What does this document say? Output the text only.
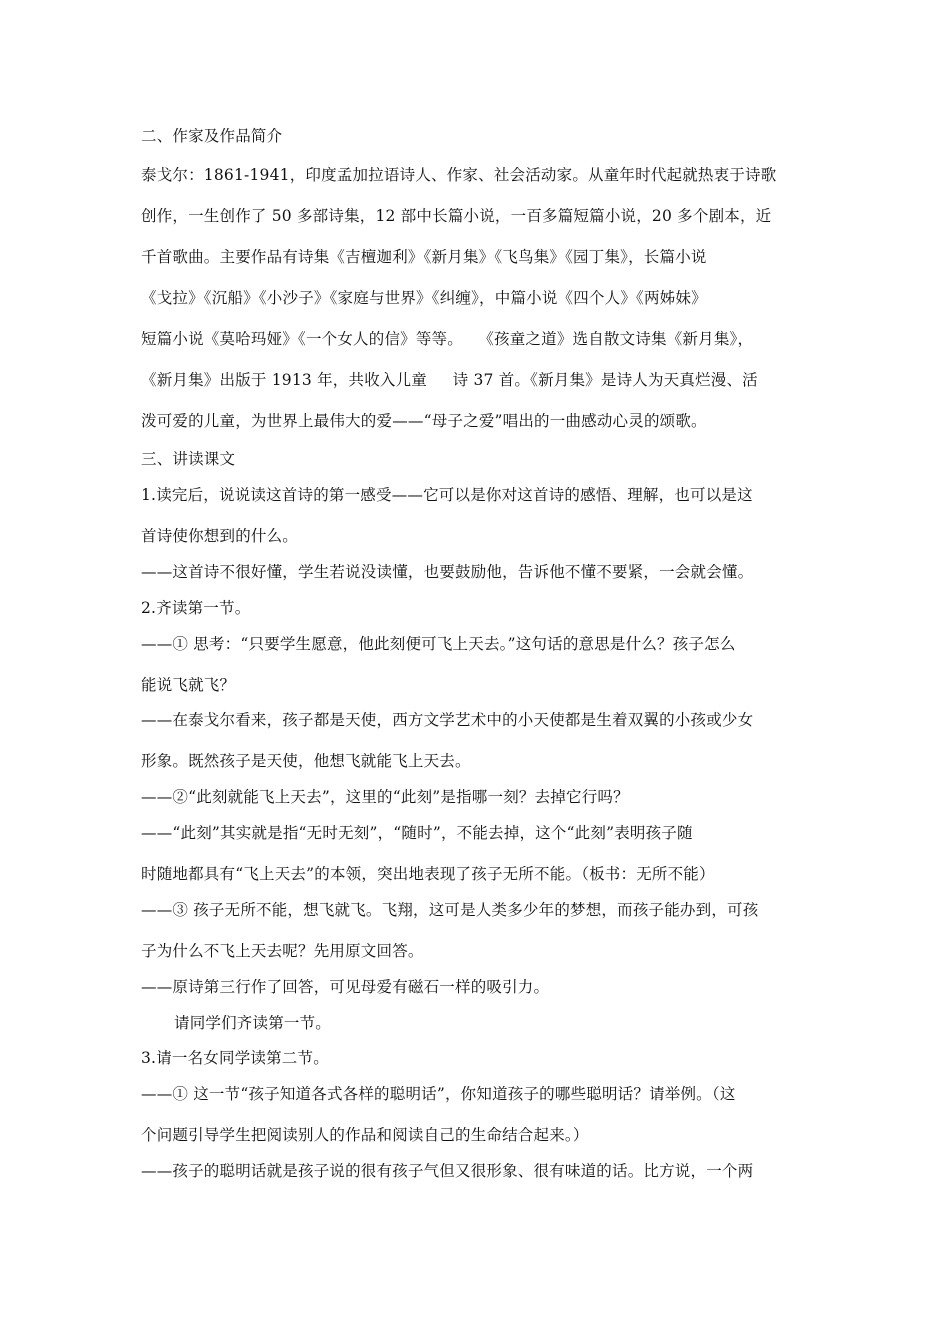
二、作家及作品简介
泰戈尔：1861-1941，印度孟加拉语诗人、作家、社会活动家。从童年时代起就热衷于诗歌
创作，一生创作了 50 多部诗集，12 部中长篇小说，一百多篇短篇小说，20 多个剧本，近
千首歌曲。主要作品有诗集《吉檀迦利》《新月集》《飞鸟集》《园丁集》，长篇小说
《戈拉》《沉船》《小沙子》《家庭与世界》《纠缠》，中篇小说《四个人》《两姊妹》
短篇小说《莫哈玛娅》《一个女人的信》等等。   《孩童之道》选自散文诗集《新月集》，
《新月集》出版于 1913 年，共收入儿童     诗 37 首。《新月集》是诗人为天真烂漫、活
泼可爱的儿童，为世界上最伟大的爱——“母子之爱”唱出的一曲感动心灵的颂歌。
三、讲读课文
1.读完后，说说读这首诗的第一感受——它可以是你对这首诗的感悟、理解，也可以是这
首诗使你想到的什么。
——这首诗不很好懂，学生若说没读懂，也要鼓励他，告诉他不懂不要紧，一会就会懂。
2.齐读第一节。
——① 思考：“只要学生愿意，他此刻便可飞上天去。”这句话的意思是什么？孩子怎么
能说飞就飞？
——在泰戈尔看来，孩子都是天使，西方文学艺术中的小天使都是生着双翼的小孩或少女
形象。既然孩子是天使，他想飞就能飞上天去。
——②“此刻就能飞上天去”，这里的“此刻”是指哪一刻？去掉它行吗？
——“此刻”其实就是指“无时无刻”，“随时”，不能去掉，这个“此刻”表明孩子随
时随地都具有“飞上天去”的本领，突出地表现了孩子无所不能。（板书：无所不能）
——③ 孩子无所不能，想飞就飞。飞翔，这可是人类多少年的梦想，而孩子能办到，可孩
子为什么不飞上天去呢？先用原文回答。
——原诗第三行作了回答，可见母爱有磁石一样的吸引力。
请同学们齐读第一节。
3.请一名女同学读第二节。
——① 这一节“孩子知道各式各样的聪明话”，你知道孩子的哪些聪明话？请举例。（这
个问题引导学生把阅读别人的作品和阅读自己的生命结合起来。）
——孩子的聪明话就是孩子说的很有孩子气但又很形象、很有味道的话。比方说，一个两
